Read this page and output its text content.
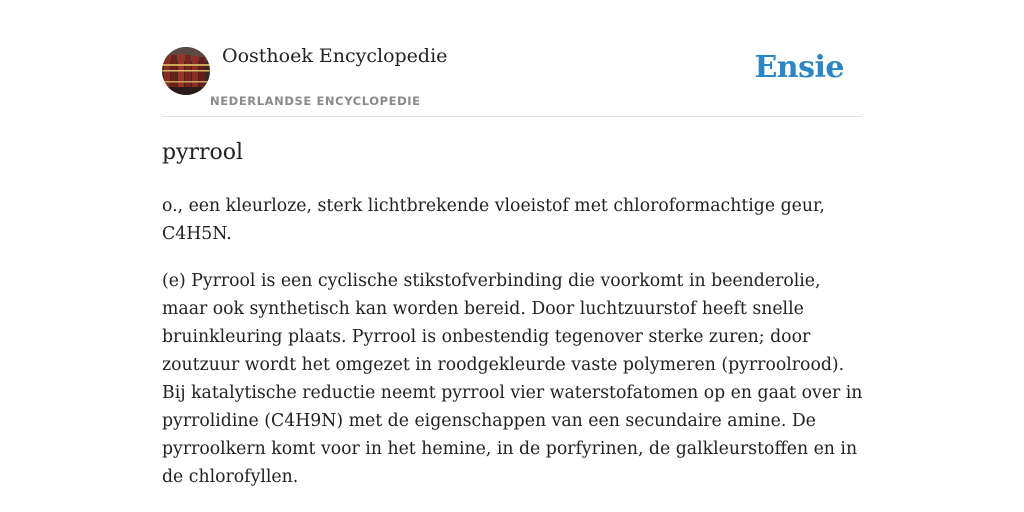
Oosthoek Encyclopedie
NEDERLANDSE ENCYCLOPEDIE
Ensie
pyrrool

o., een kleurloze, sterk lichtbrekende vloeistof met chloroformachtige geur, C4H5N.

(e) Pyrrool is een cyclische stikstofverbinding die voorkomt in beenderolie, maar ook synthetisch kan worden bereid. Door luchtzuurstof heeft snelle bruinkleuring plaats. Pyrrool is onbestendig tegenover sterke zuren; door zoutzuur wordt het omgezet in roodgekleurde vaste polymeren (pyrroolrood). Bij katalytische reductie neemt pyrrool vier waterstofatomen op en gaat over in pyrrolidine (C4H9N) met de eigenschappen van een secundaire amine. De pyrroolkern komt voor in het hemine, in de porfyrinen, de galkleurstoffen en in de chlorofyllen.
